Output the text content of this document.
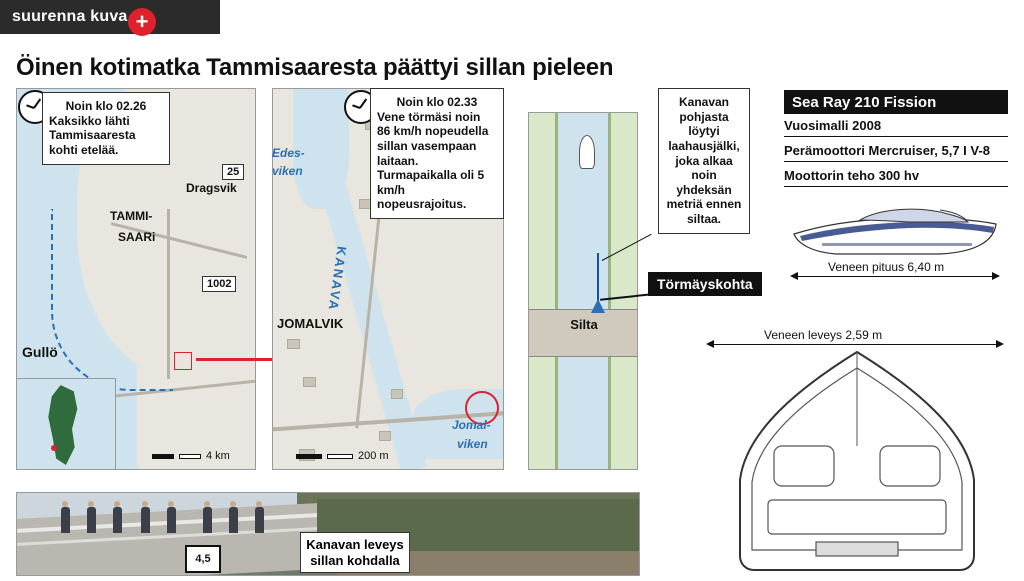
suurenna kuva +
Öinen kotimatka Tammisaaresta päättyi sillan pieleen
Dragsvik
TAMMI-
SAARi
Gullö
25
1002
4 km
Noin klo 02.26
Kaksikko lähti Tammisaaresta kohti etelää.	Edes-
viken
JOMALVIK
Jomal-
viken
KANAVA
200 m
Noin klo 02.33
Vene törmäsi noin 86 km/h nopeudella sillan vasempaan laitaan. Turmapaikalla oli 5 km/h nopeusrajoitus.
Silta
Kanavan pohjasta löytyi laahausjälki, joka alkaa noin yhdeksän metriä ennen siltaa.
Törmäyskohta
Sea Ray 210 Fission
Vuosimalli 2008
Perämoottori Mercruiser, 5,7 I V-8
Moottorin teho 300 hv
Veneen pituus 6,40 m
Veneen leveys 2,59 m
4,5
Kanavan leveys sillan kohdalla
